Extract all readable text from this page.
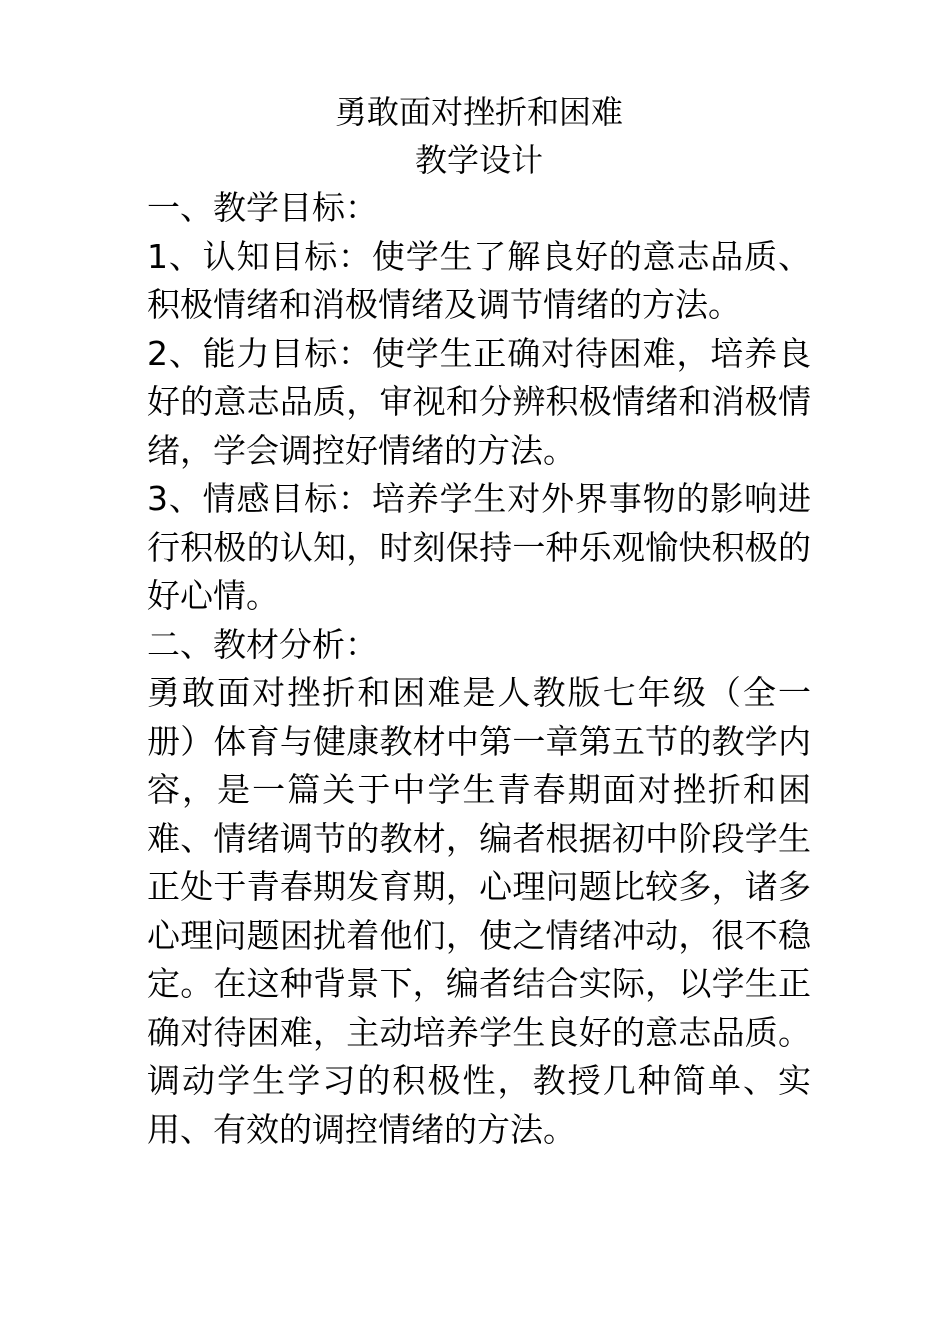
勇敢面对挫折和困难
教学设计

一、教学目标：

1、认知目标：使学生了解良好的意志品质、积极情绪和消极情绪及调节情绪的方法。

2、能力目标：使学生正确对待困难，培养良好的意志品质，审视和分辨积极情绪和消极情绪，学会调控好情绪的方法。

3、情感目标：培养学生对外界事物的影响进行积极的认知，时刻保持一种乐观愉快积极的好心情。

二、教材分析：

勇敢面对挫折和困难是人教版七年级（全一册）体育与健康教材中第一章第五节的教学内容，是一篇关于中学生青春期面对挫折和困难、情绪调节的教材，编者根据初中阶段学生正处于青春期发育期，心理问题比较多，诸多心理问题困扰着他们，使之情绪冲动，很不稳定。在这种背景下，编者结合实际，以学生正确对待困难，主动培养学生良好的意志品质。调动学生学习的积极性，教授几种简单、实用、有效的调控情绪的方法。
